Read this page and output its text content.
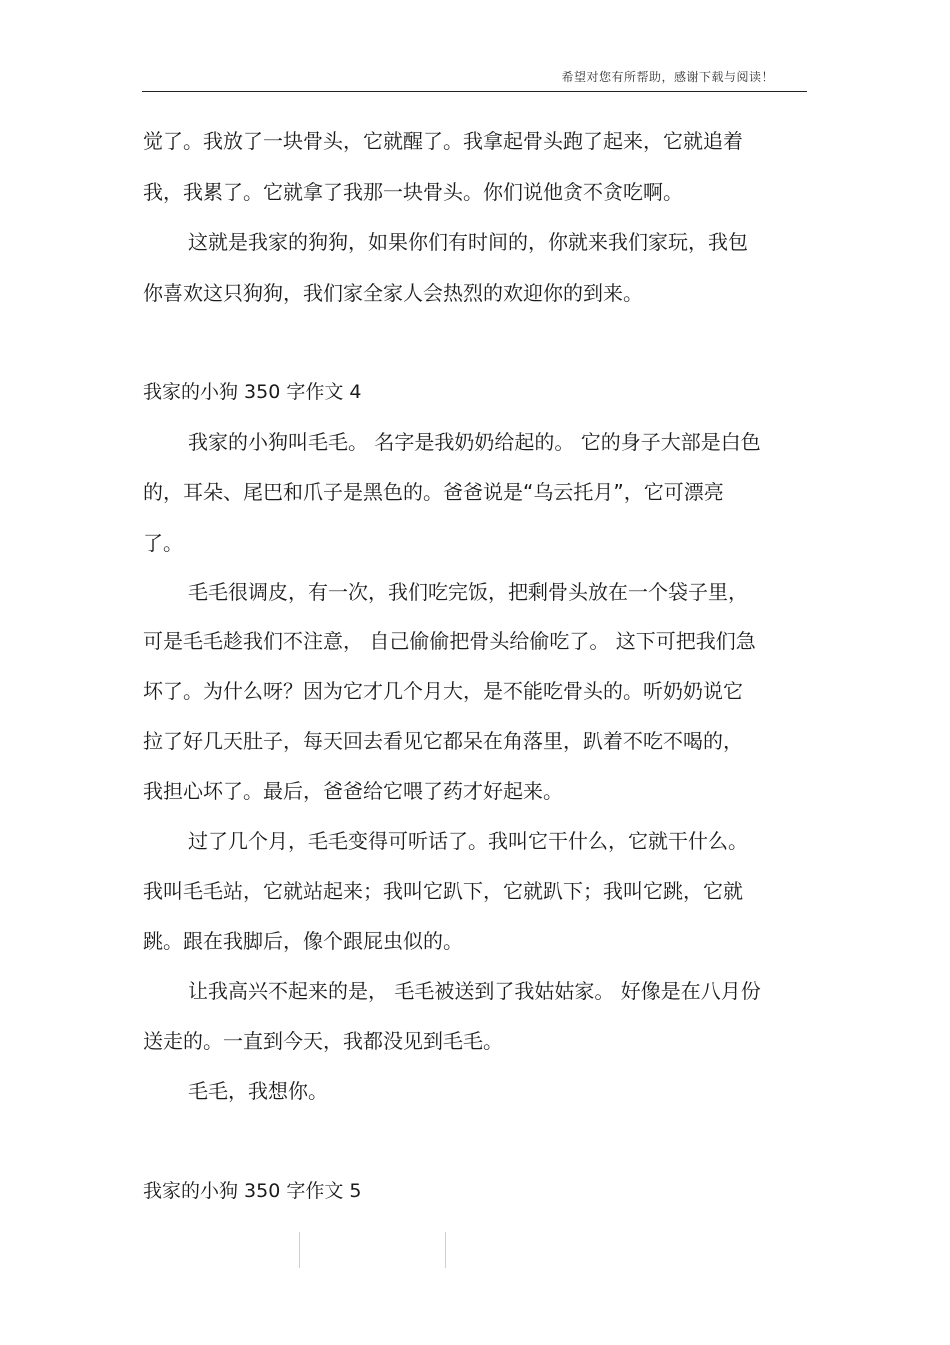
希望对您有所帮助，感谢下载与阅读！
觉了。我放了一块骨头，它就醒了。我拿起骨头跑了起来，它就追着
我，我累了。它就拿了我那一块骨头。你们说他贪不贪吃啊。
这就是我家的狗狗，如果你们有时间的，你就来我们家玩，我包
你喜欢这只狗狗，我们家全家人会热烈的欢迎你的到来。
我家的小狗 350 字作文 4
我家的小狗叫毛毛。 名字是我奶奶给起的。 它的身子大部是白色
的，耳朵、尾巴和爪子是黑色的。爸爸说是“乌云托月”，它可漂亮
了。
毛毛很调皮，有一次，我们吃完饭，把剩骨头放在一个袋子里，
可是毛毛趁我们不注意， 自己偷偷把骨头给偷吃了。 这下可把我们急
坏了。为什么呀？因为它才几个月大，是不能吃骨头的。听奶奶说它
拉了好几天肚子，每天回去看见它都呆在角落里，趴着不吃不喝的，
我担心坏了。最后，爸爸给它喂了药才好起来。
过了几个月，毛毛变得可听话了。我叫它干什么，它就干什么。
我叫毛毛站，它就站起来；我叫它趴下，它就趴下；我叫它跳，它就
跳。跟在我脚后，像个跟屁虫似的。
让我高兴不起来的是， 毛毛被送到了我姑姑家。 好像是在八月份
送走的。一直到今天，我都没见到毛毛。
毛毛，我想你。
我家的小狗 350 字作文 5
